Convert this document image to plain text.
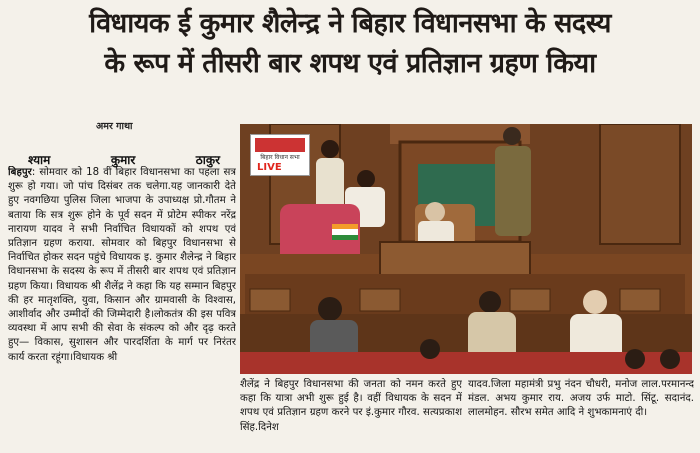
विधायक ई कुमार शैलेन्द्र ने बिहार विधानसभा के सदस्य
के रूप में तीसरी बार शपथ एवं प्रतिज्ञान ग्रहण किया
अमर गाथा
श्याम	कुमार	ठाकुर
बिहपुर: सोमवार को 18 वीं बिहार विधानसभा का पहला सत्र शुरू हो गया। जो पांच दिसंबर तक चलेगा.यह जानकारी देते हुए नवगछिया पुलिस जिला भाजपा के उपाध्यक्ष प्रो.गौतम ने बताया कि सत्र शुरू होने के पूर्व सदन में प्रोटेम स्पीकर नरेंद्र नारायण यादव ने सभी निर्वाचित विधायकों को शपथ एवं प्रतिज्ञान ग्रहण कराया. सोमवार को बिहपुर विधानसभा से निर्वाचित होकर सदन पहुंचे विधायक इ. कुमार शैलेन्द्र ने बिहार विधानसभा के सदस्य के रूप में तीसरी बार शपथ एवं प्रतिज्ञान ग्रहण किया। विधायक श्री शैलेंद्र ने कहा कि यह सम्मान बिहपुर की हर मातृशक्ति, युवा, किसान और ग्रामवासी के विश्वास, आशीर्वाद और उम्मीदों की जिम्मेदारी है।लोकतंत्र की इस पवित्र व्यवस्था में आप सभी की सेवा के संकल्प को और दृढ़ करते हुए— विकास, सुशासन और पारदर्शिता के मार्ग पर निरंतर कार्य करता रहूंगा।विधायक श्री
बिहार विधान सभा
LIVE
शैलेंद्र ने बिहपुर विधानसभा की जनता को नमन करते हुए कहा कि यात्रा अभी शुरू हुई है। वहीं विधायक के सदन में शपथ एवं प्रतिज्ञान ग्रहण करने पर इं.कुमार गौरव. सत्यप्रकाश सिंह.दिनेश
यादव.जिला महामंत्री प्रभु नंदन चौधरी, मनोज लाल.परमानन्द मंडल. अभय कुमार राय. अजय उर्फ माटो. सिंटू. सदानंद. लालमोहन. सौरभ समेत आदि ने शुभकामनाएं दी।
